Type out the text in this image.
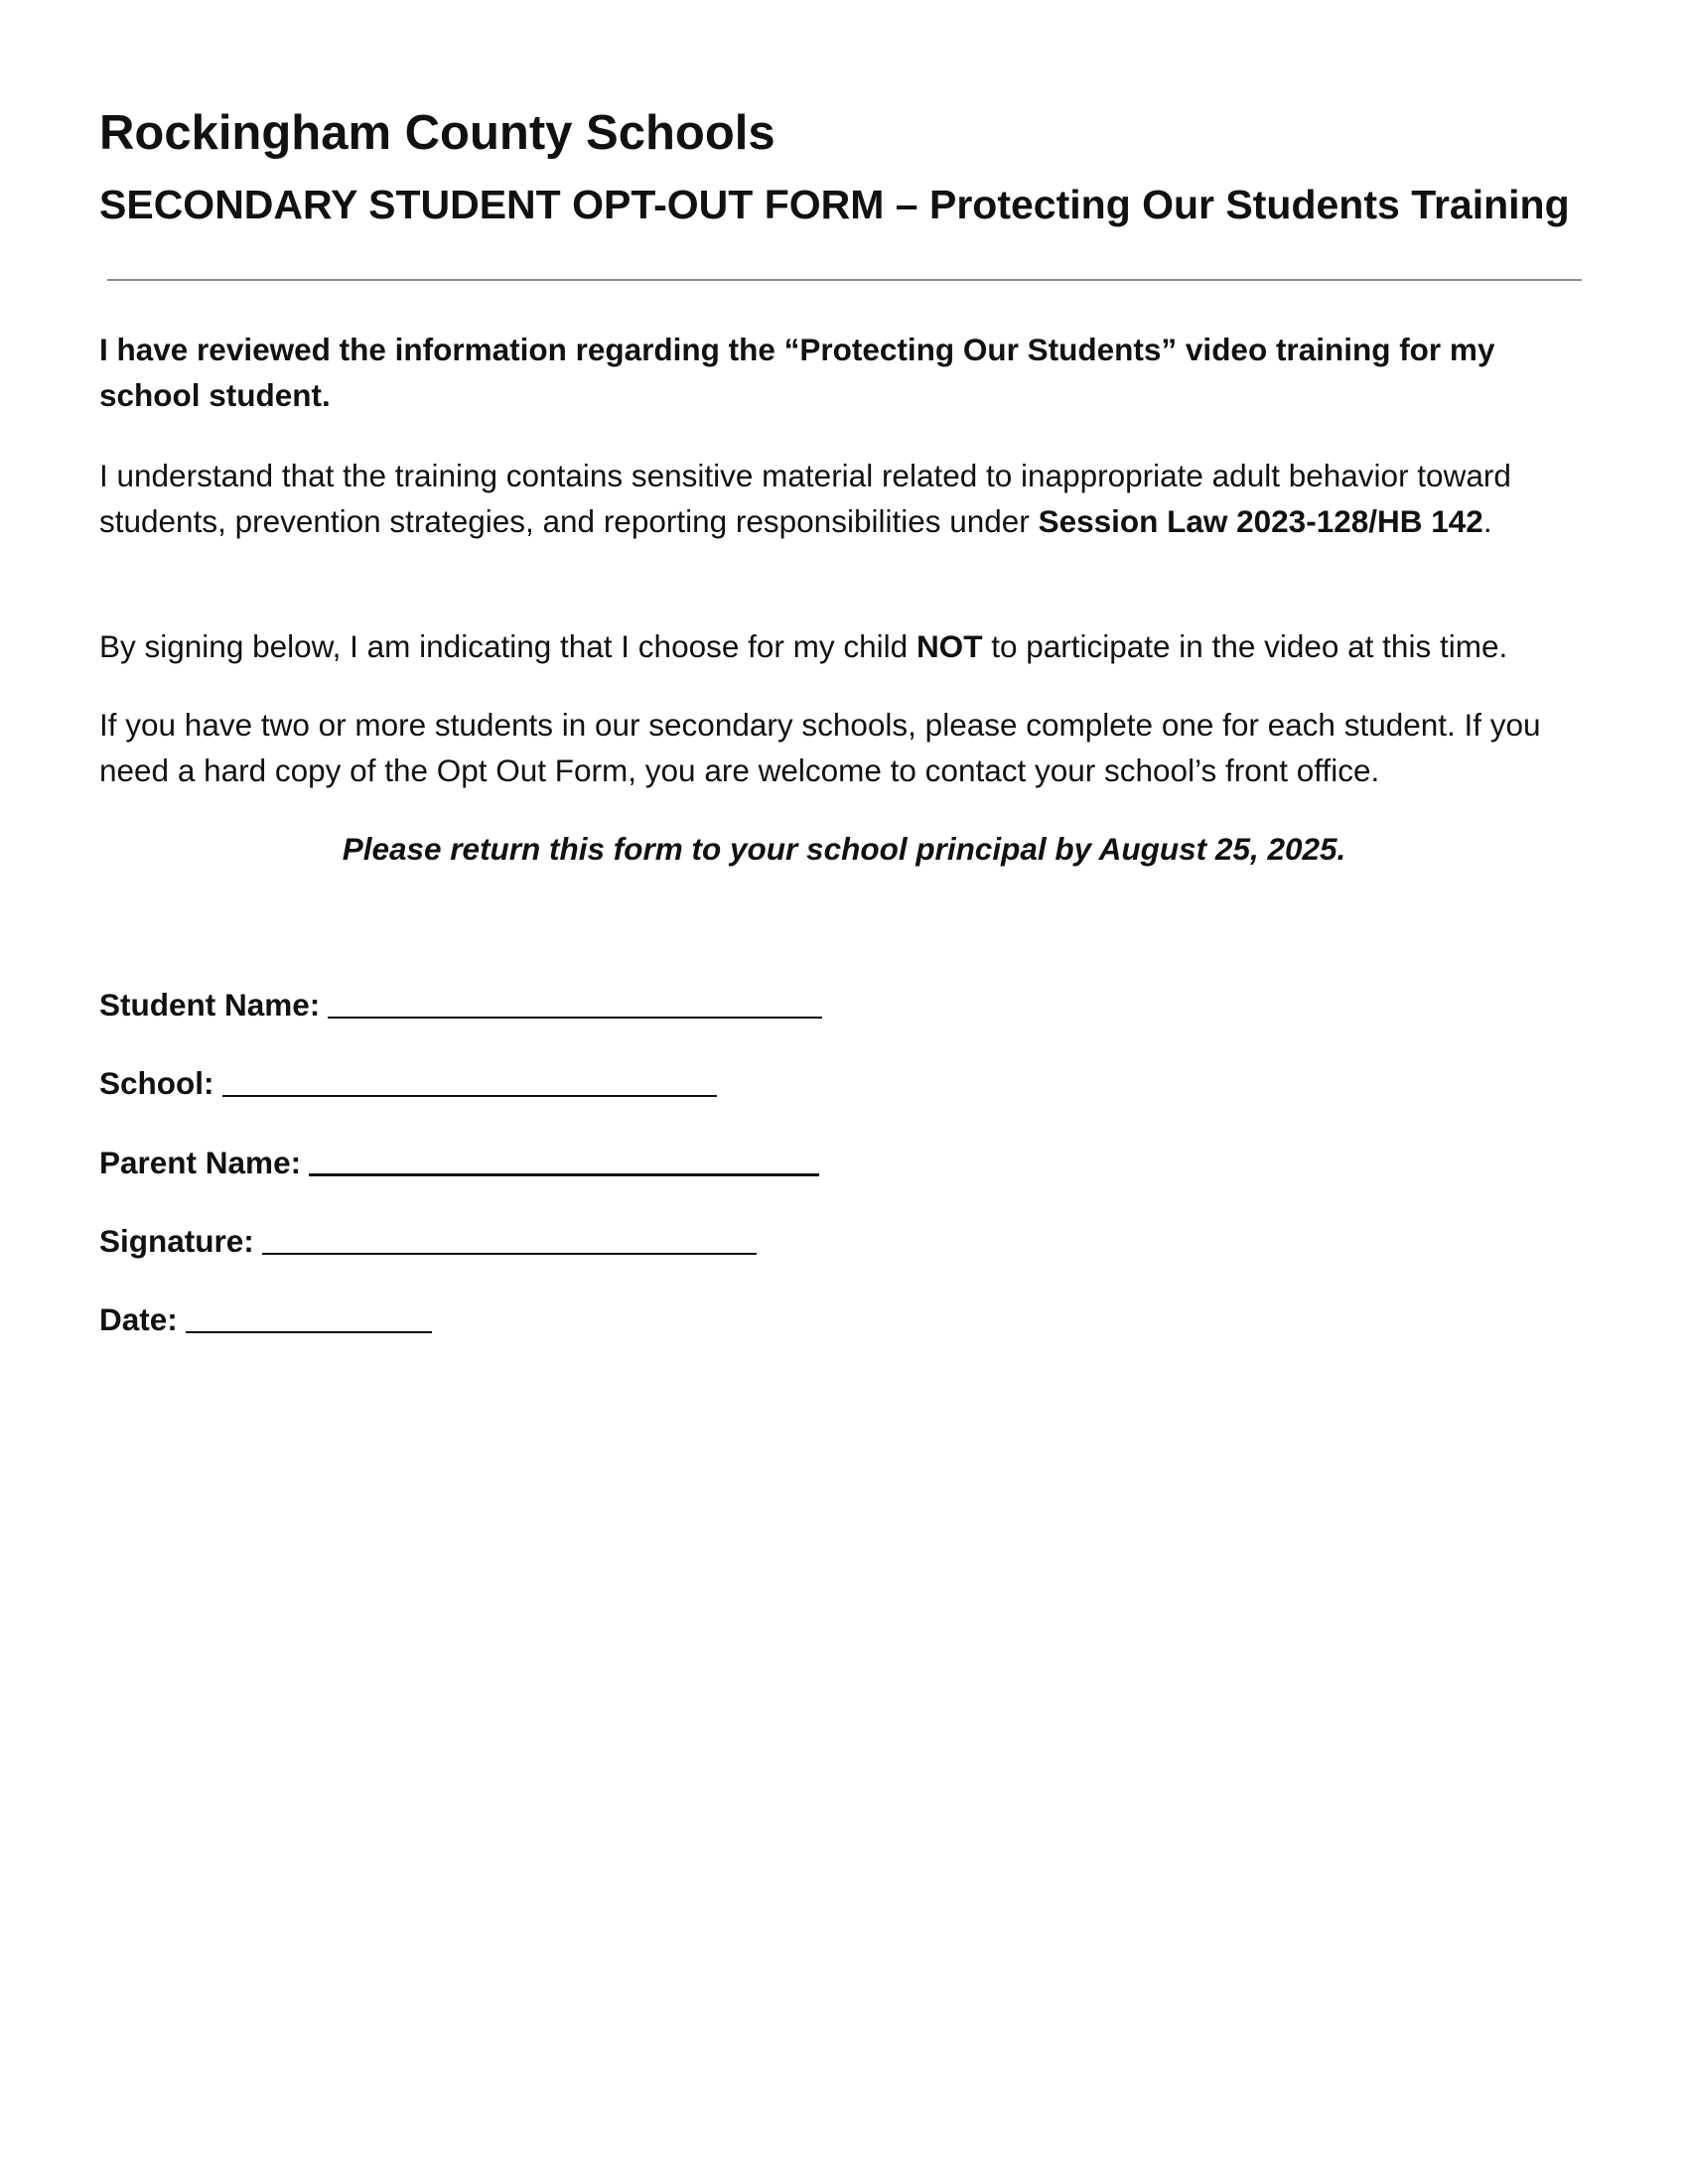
Rockingham County Schools
SECONDARY STUDENT OPT-OUT FORM – Protecting Our Students Training

I have reviewed the information regarding the “Protecting Our Students” video training for my school student.

I understand that the training contains sensitive material related to inappropriate adult behavior toward students, prevention strategies, and reporting responsibilities under Session Law 2023-128/HB 142.

By signing below, I am indicating that I choose for my child NOT to participate in the video at this time.

If you have two or more students in our secondary schools, please complete one for each student. If you need a hard copy of the Opt Out Form, you are welcome to contact your school’s front office.

Please return this form to your school principal by August 25, 2025.

Student Name:
School:
Parent Name:
Signature:
Date:
